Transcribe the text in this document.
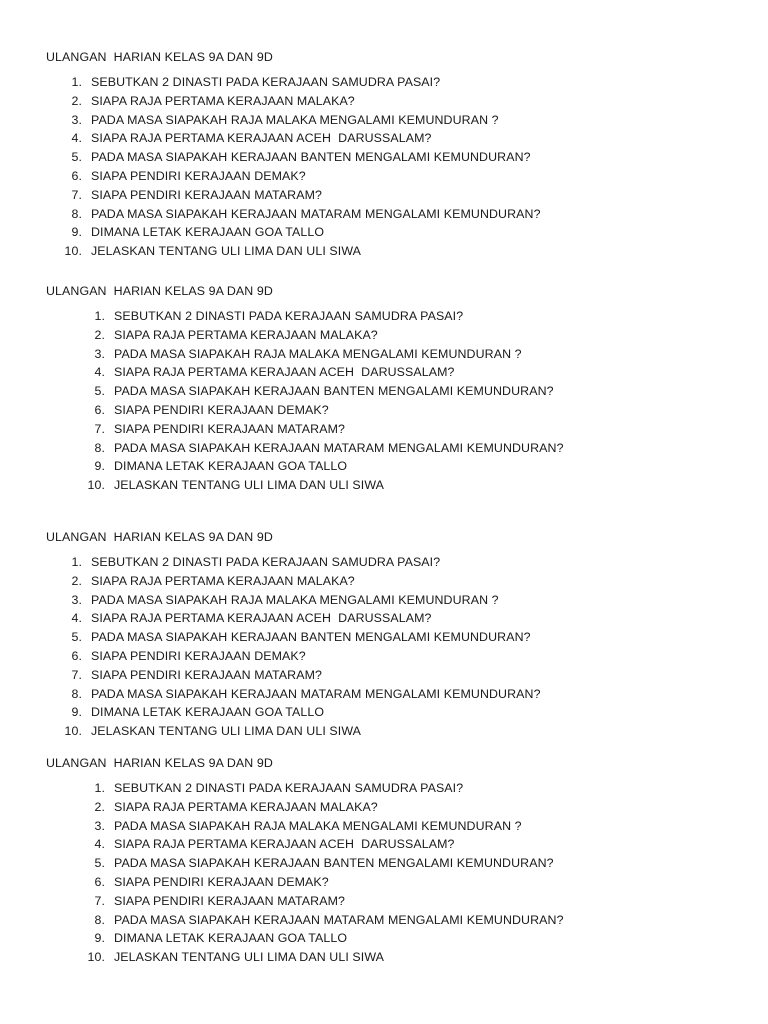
ULANGAN  HARIAN KELAS 9A DAN 9D
1. SEBUTKAN 2 DINASTI PADA KERAJAAN SAMUDRA PASAI?
2. SIAPA RAJA PERTAMA KERAJAAN MALAKA?
3. PADA MASA SIAPAKAH RAJA MALAKA MENGALAMI KEMUNDURAN ?
4. SIAPA RAJA PERTAMA KERAJAAN ACEH  DARUSSALAM?
5. PADA MASA SIAPAKAH KERAJAAN BANTEN MENGALAMI KEMUNDURAN?
6. SIAPA PENDIRI KERAJAAN DEMAK?
7. SIAPA PENDIRI KERAJAAN MATARAM?
8. PADA MASA SIAPAKAH KERAJAAN MATARAM MENGALAMI KEMUNDURAN?
9. DIMANA LETAK KERAJAAN GOA TALLO
10. JELASKAN TENTANG ULI LIMA DAN ULI SIWA
ULANGAN  HARIAN KELAS 9A DAN 9D
1. SEBUTKAN 2 DINASTI PADA KERAJAAN SAMUDRA PASAI?
2. SIAPA RAJA PERTAMA KERAJAAN MALAKA?
3. PADA MASA SIAPAKAH RAJA MALAKA MENGALAMI KEMUNDURAN ?
4. SIAPA RAJA PERTAMA KERAJAAN ACEH  DARUSSALAM?
5. PADA MASA SIAPAKAH KERAJAAN BANTEN MENGALAMI KEMUNDURAN?
6. SIAPA PENDIRI KERAJAAN DEMAK?
7. SIAPA PENDIRI KERAJAAN MATARAM?
8. PADA MASA SIAPAKAH KERAJAAN MATARAM MENGALAMI KEMUNDURAN?
9. DIMANA LETAK KERAJAAN GOA TALLO
10. JELASKAN TENTANG ULI LIMA DAN ULI SIWA
ULANGAN  HARIAN KELAS 9A DAN 9D
1. SEBUTKAN 2 DINASTI PADA KERAJAAN SAMUDRA PASAI?
2. SIAPA RAJA PERTAMA KERAJAAN MALAKA?
3. PADA MASA SIAPAKAH RAJA MALAKA MENGALAMI KEMUNDURAN ?
4. SIAPA RAJA PERTAMA KERAJAAN ACEH  DARUSSALAM?
5. PADA MASA SIAPAKAH KERAJAAN BANTEN MENGALAMI KEMUNDURAN?
6. SIAPA PENDIRI KERAJAAN DEMAK?
7. SIAPA PENDIRI KERAJAAN MATARAM?
8. PADA MASA SIAPAKAH KERAJAAN MATARAM MENGALAMI KEMUNDURAN?
9. DIMANA LETAK KERAJAAN GOA TALLO
10. JELASKAN TENTANG ULI LIMA DAN ULI SIWA
ULANGAN  HARIAN KELAS 9A DAN 9D
1. SEBUTKAN 2 DINASTI PADA KERAJAAN SAMUDRA PASAI?
2. SIAPA RAJA PERTAMA KERAJAAN MALAKA?
3. PADA MASA SIAPAKAH RAJA MALAKA MENGALAMI KEMUNDURAN ?
4. SIAPA RAJA PERTAMA KERAJAAN ACEH  DARUSSALAM?
5. PADA MASA SIAPAKAH KERAJAAN BANTEN MENGALAMI KEMUNDURAN?
6. SIAPA PENDIRI KERAJAAN DEMAK?
7. SIAPA PENDIRI KERAJAAN MATARAM?
8. PADA MASA SIAPAKAH KERAJAAN MATARAM MENGALAMI KEMUNDURAN?
9. DIMANA LETAK KERAJAAN GOA TALLO
10. JELASKAN TENTANG ULI LIMA DAN ULI SIWA
